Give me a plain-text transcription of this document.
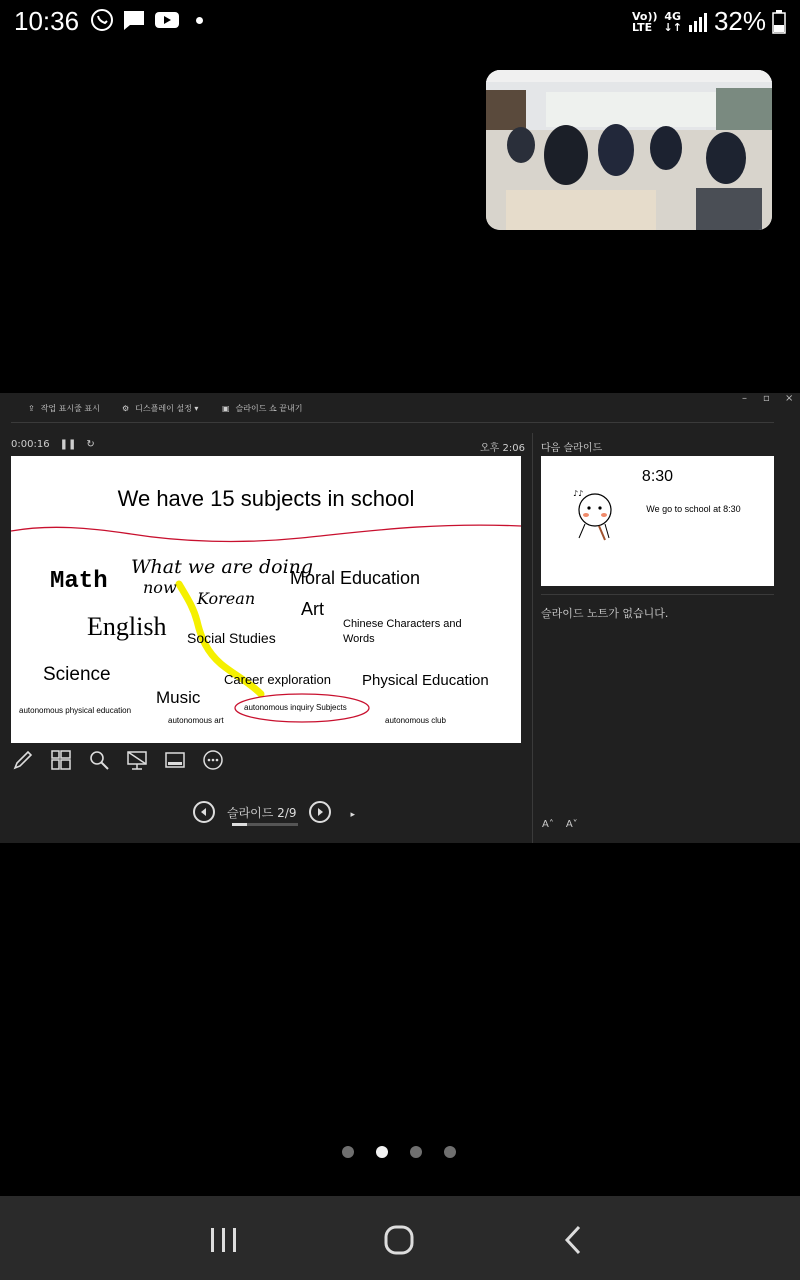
10:36	Vo))
LTE
4G
↓↑ 32%
⇪ 작업 표시줄 표시	⚙ 디스플레이 설정 ▾	▣ 슬라이드 쇼 끝내기
– ▫ ×
0:00:16 ❚❚ ↻	오후 2:06
We have 15 subjects in school
What we are doing
now
Math
Korean
Moral Education
Art
English Social Studies
Chinese Characters and Words
Science	Career exploration Physical Education
Music
autonomous physical education
autonomous art
autonomous inquiry Subjects
autonomous club
슬라이드 2/9	▸
다음 슬라이드
8:30
We go to school at 8:30
♪♪
슬라이드 노트가 없습니다.
A˄ A˅
